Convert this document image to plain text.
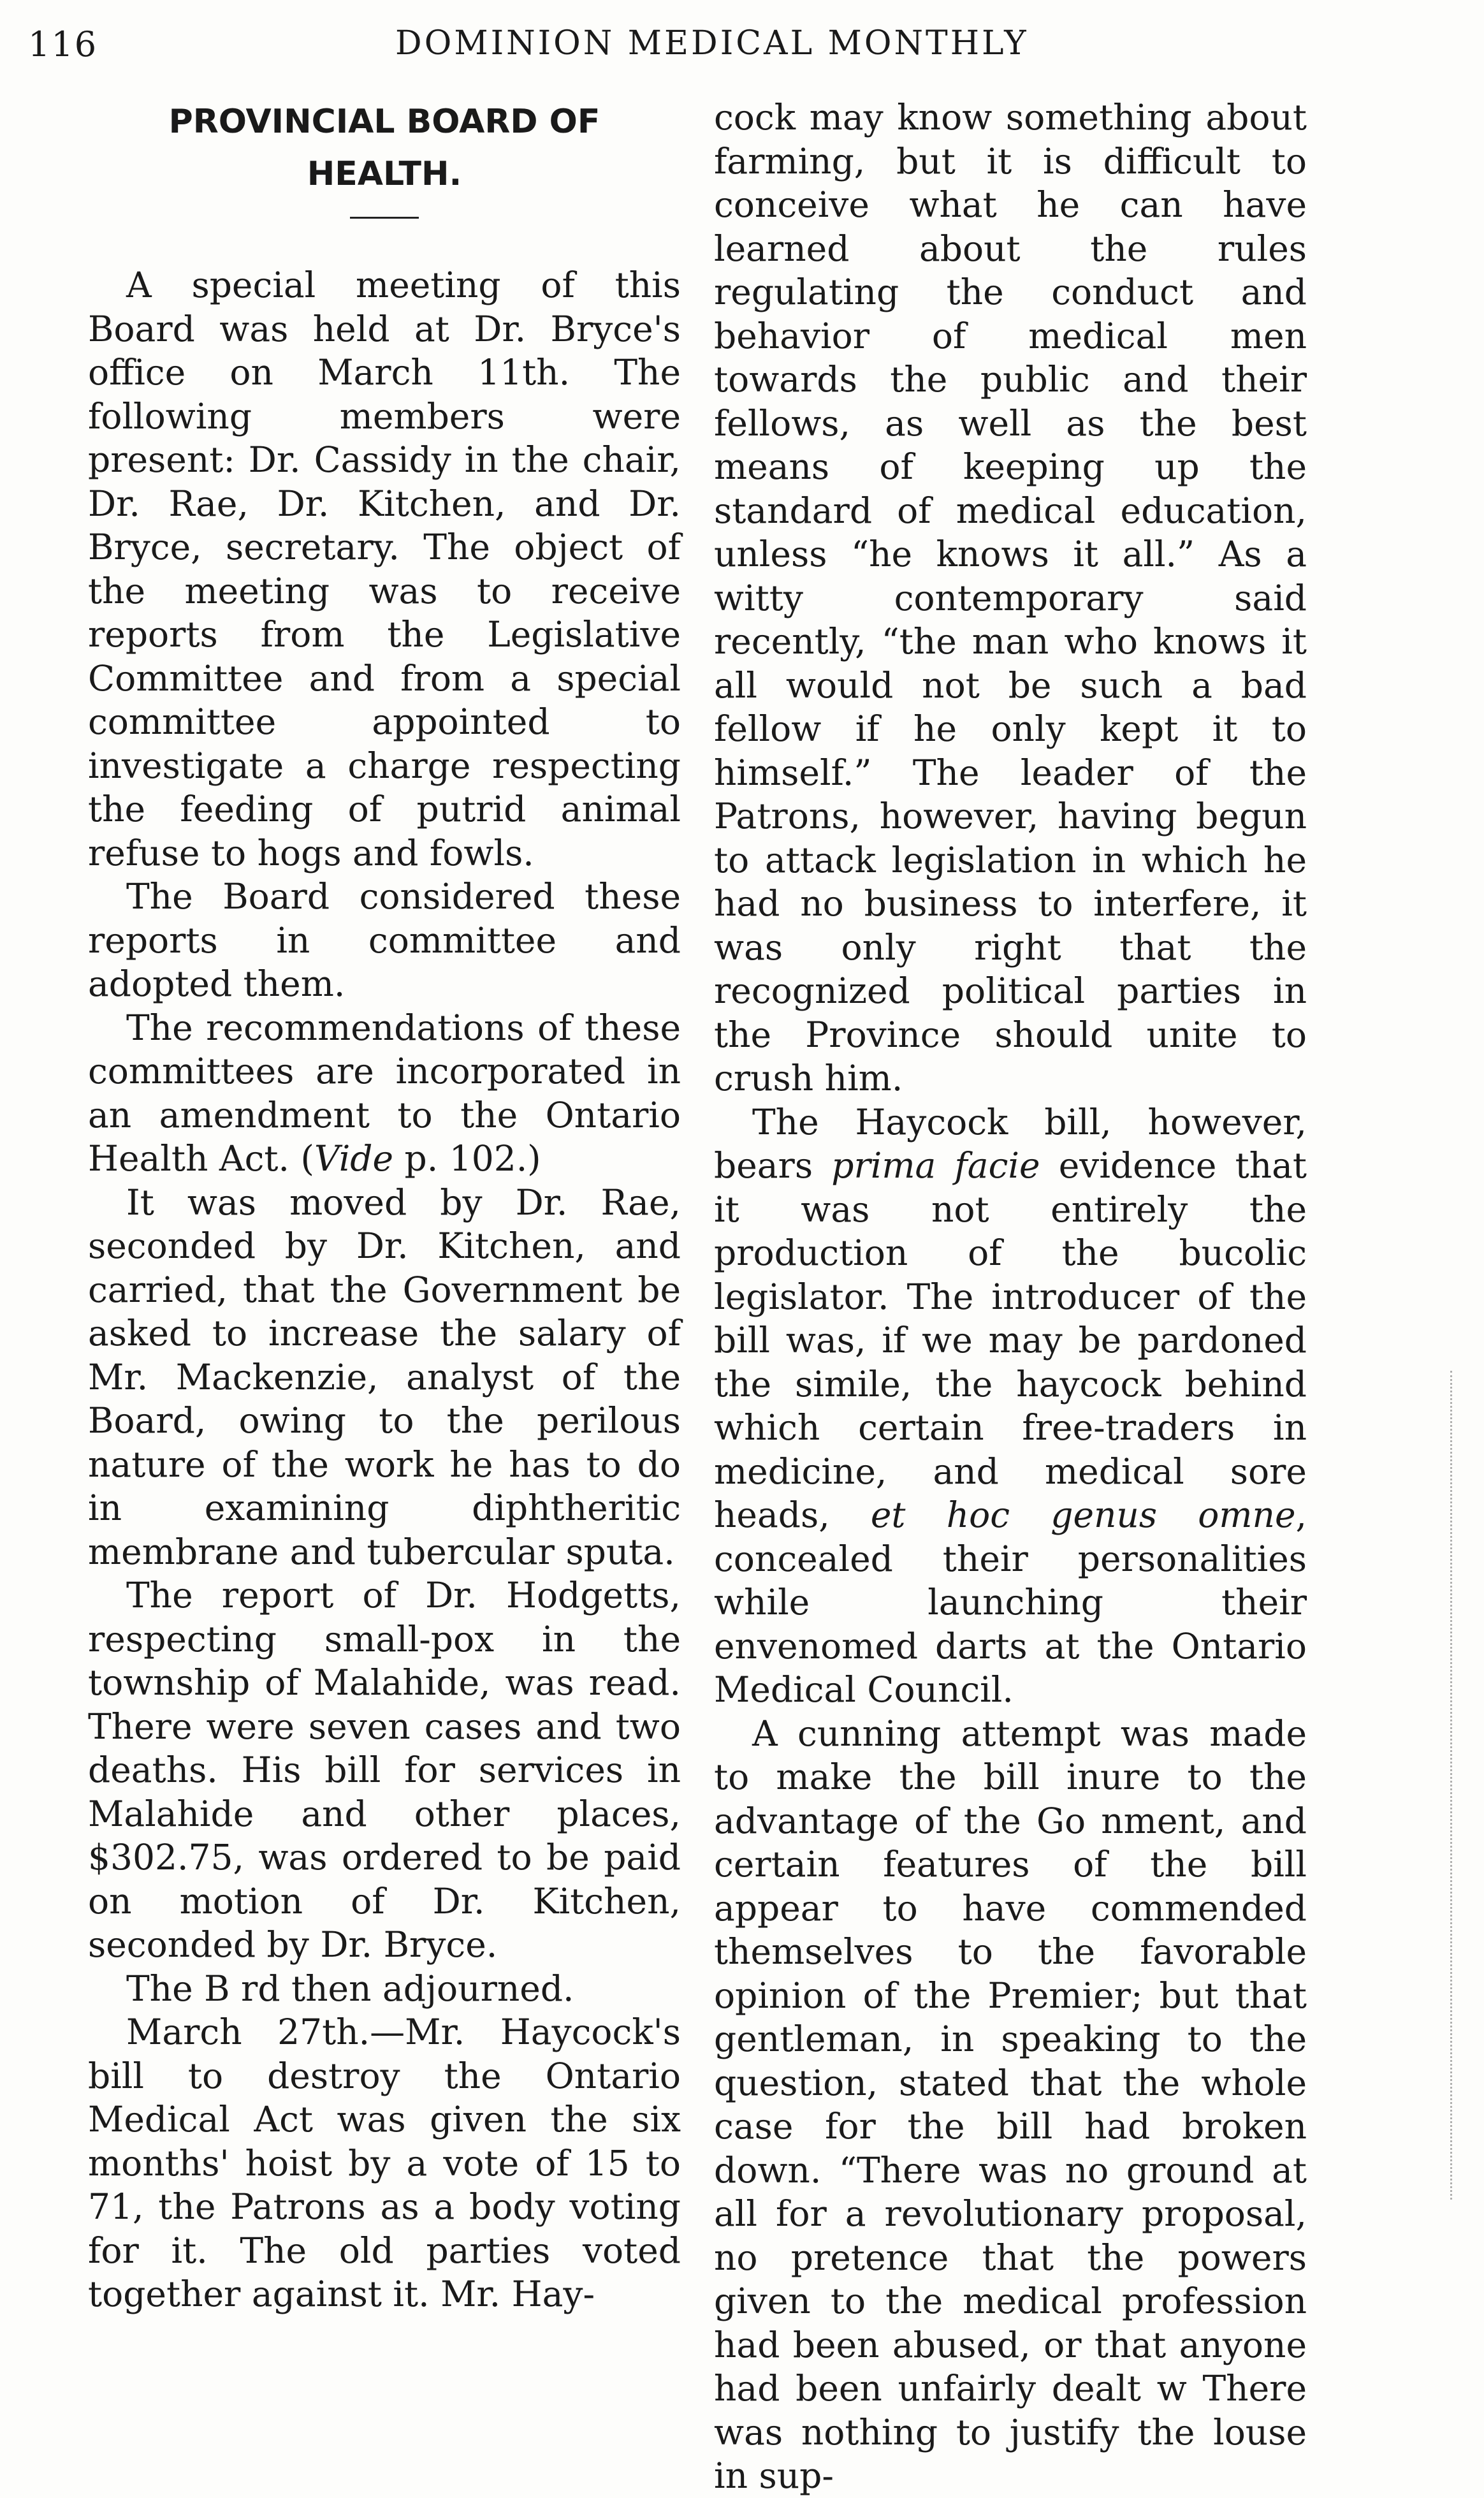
116	DOMINION MEDICAL MONTHLY
PROVINCIAL BOARD OF HEALTH.

A special meeting of this Board was held at Dr. Bryce's office on March 11th. The following members were present: Dr. Cassidy in the chair, Dr. Rae, Dr. Kitchen, and Dr. Bryce, secretary. The object of the meeting was to receive reports from the Legislative Committee and from a special committee appointed to investigate a charge respecting the feeding of putrid animal refuse to hogs and fowls.

The Board considered these reports in committee and adopted them.

The recommendations of these committees are incorporated in an amendment to the Ontario Health Act. (Vide p. 102.)

It was moved by Dr. Rae, seconded by Dr. Kitchen, and carried, that the Government be asked to increase the salary of Mr. Mackenzie, analyst of the Board, owing to the perilous nature of the work he has to do in examining diphtheritic membrane and tubercular sputa.

The report of Dr. Hodgetts, respecting small-pox in the township of Malahide, was read. There were seven cases and two deaths. His bill for services in Malahide and other places, $302.75, was ordered to be paid on motion of Dr. Kitchen, seconded by Dr. Bryce.

The B rd then adjourned.

March 27th.—Mr. Haycock's bill to destroy the Ontario Medical Act was given the six months' hoist by a vote of 15 to 71, the Patrons as a body voting for it. The old parties voted together against it. Mr. Hay-

cock may know something about farming, but it is difficult to conceive what he can have learned about the rules regulating the conduct and behavior of medical men towards the public and their fellows, as well as the best means of keeping up the standard of medical education, unless “he knows it all.” As a witty contemporary said recently, “the man who knows it all would not be such a bad fellow if he only kept it to himself.” The leader of the Patrons, however, having begun to attack legislation in which he had no business to interfere, it was only right that the recognized political parties in the Province should unite to crush him.

The Haycock bill, however, bears prima facie evidence that it was not entirely the production of the bucolic legislator. The introducer of the bill was, if we may be pardoned the simile, the haycock behind which certain free-traders in medicine, and medical sore heads, et hoc genus omne, concealed their personalities while launching their envenomed darts at the Ontario Medical Council.

A cunning attempt was made to make the bill inure to the advantage of the Go nment, and certain features of the bill appear to have commended themselves to the favorable opinion of the Premier; but that gentleman, in speaking to the question, stated that the whole case for the bill had broken down. “There was no ground at all for a revolutionary proposal, no pretence that the powers given to the medical profession had been abused, or that anyone had been unfairly dealt w There was nothing to justify the louse in sup-
